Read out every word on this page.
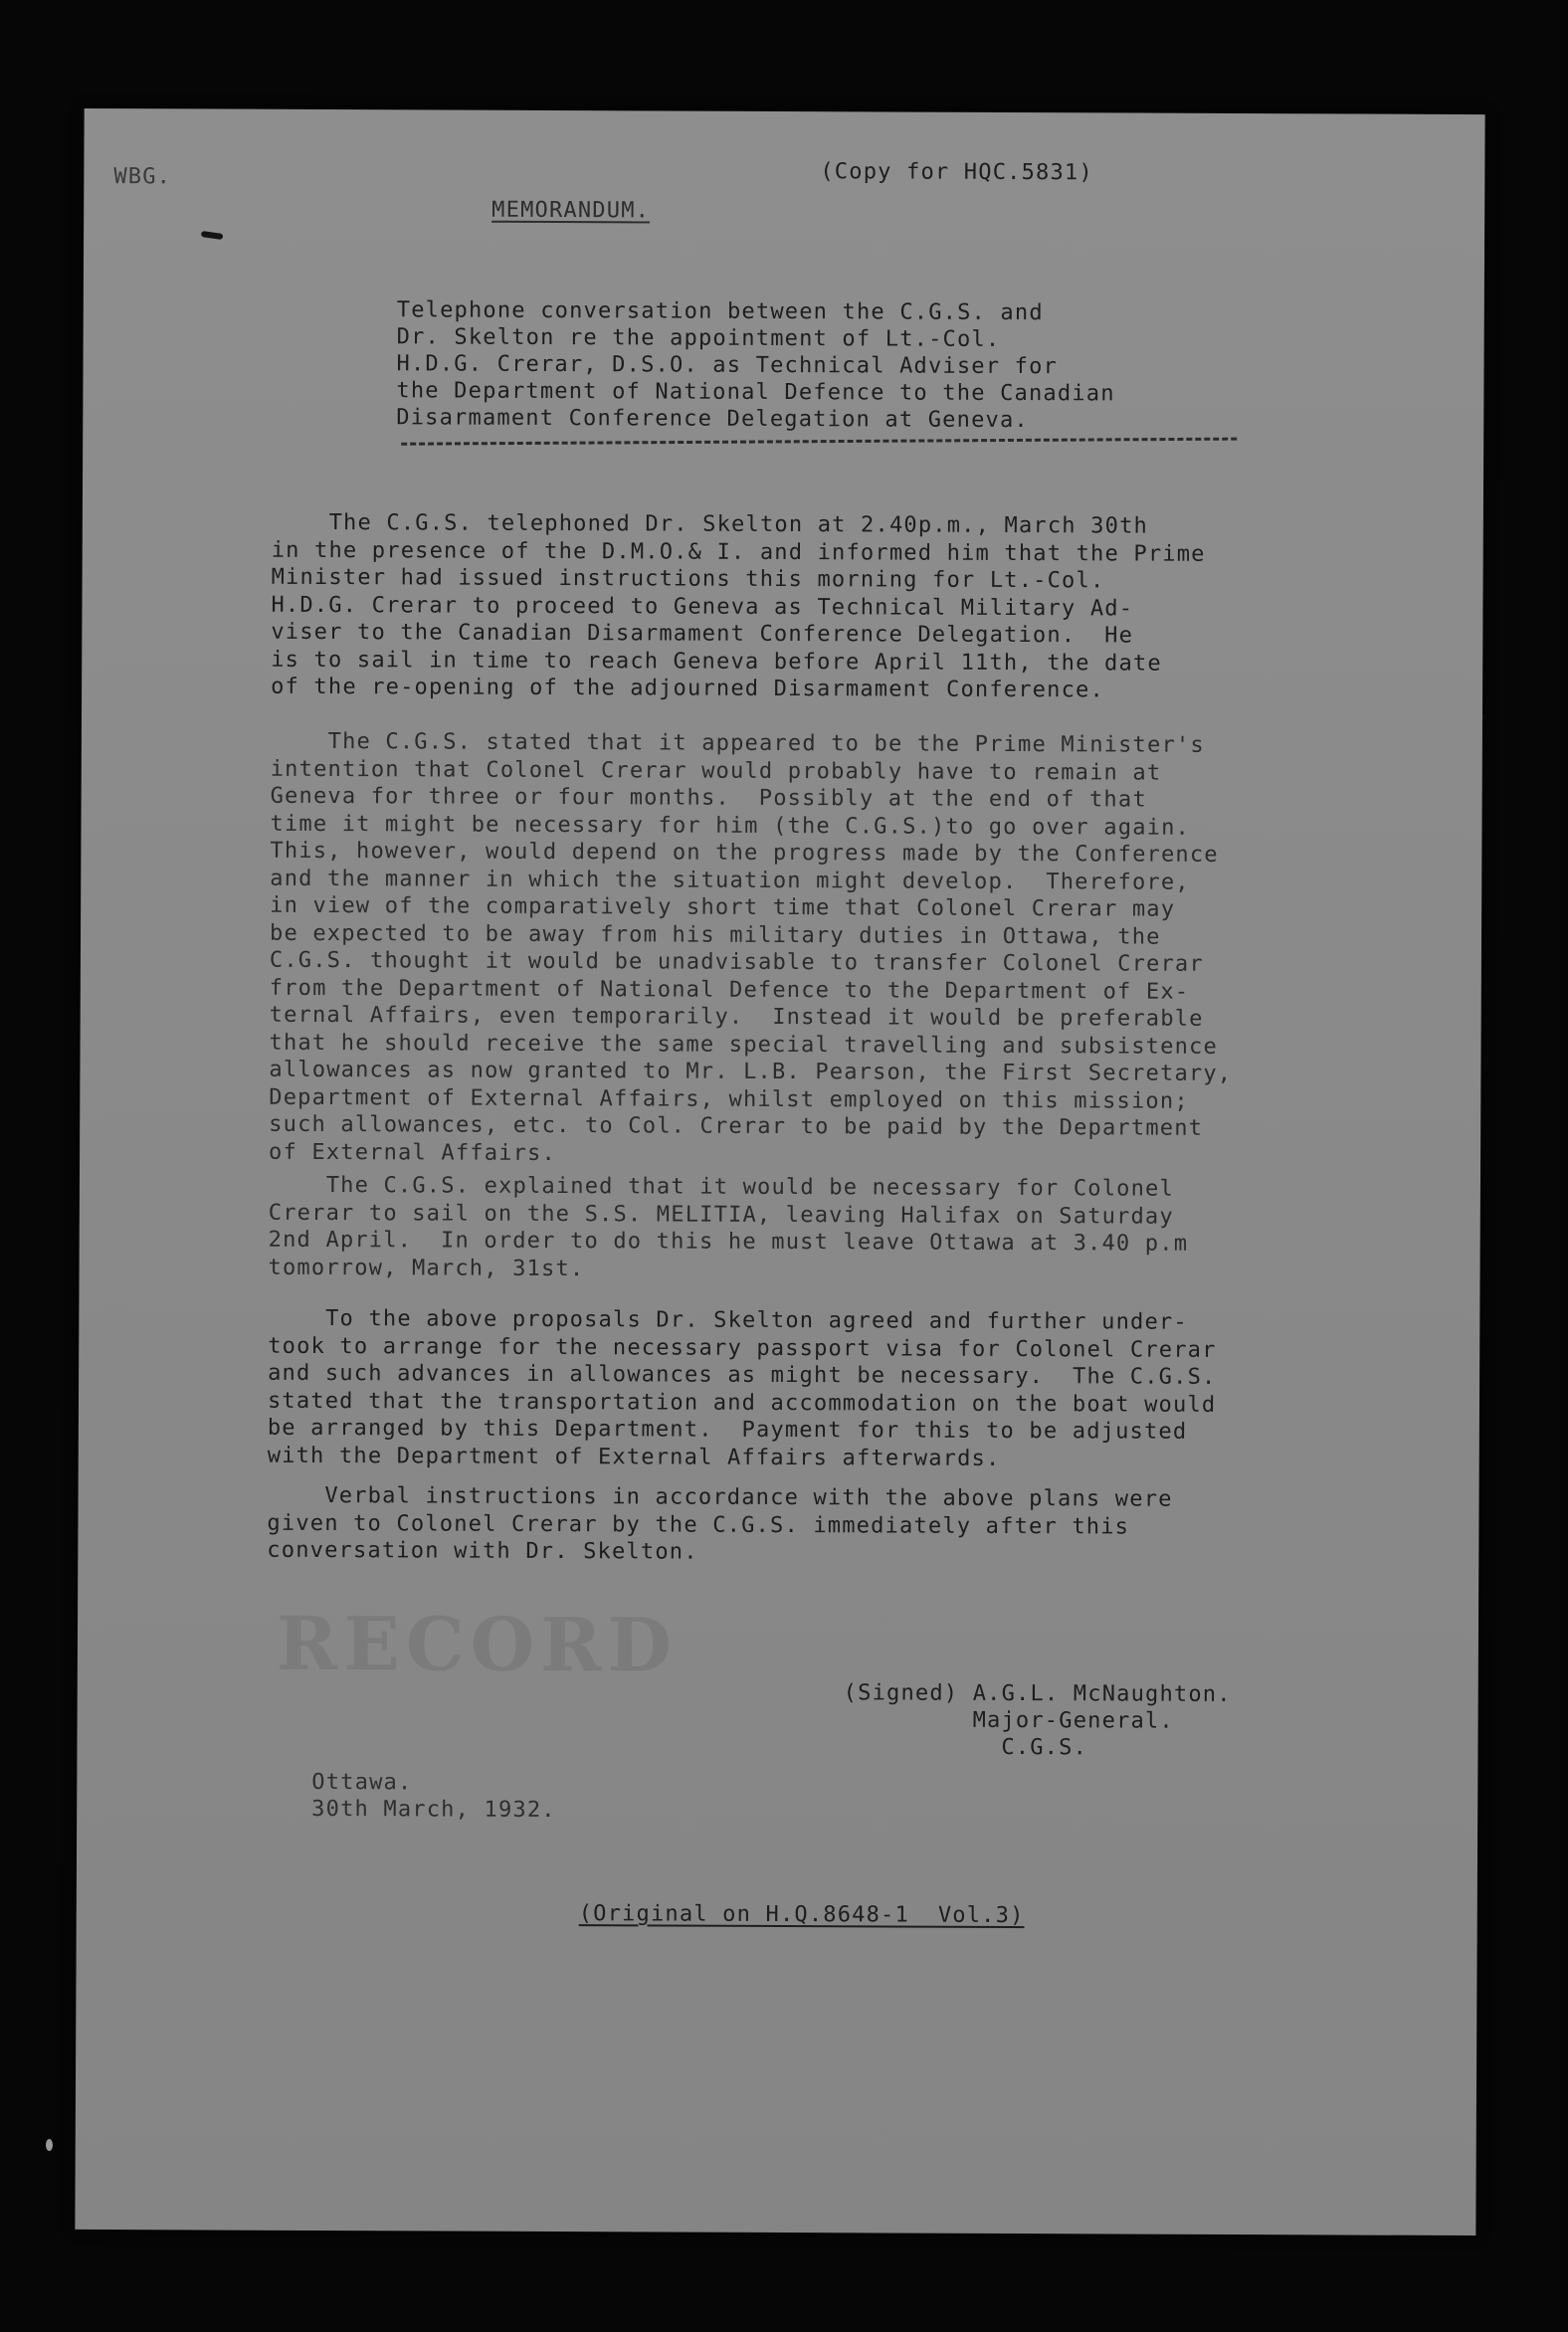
RECORD

WBG.	(Copy for HQC.5831)

MEMORANDUM.

Telephone conversation between the C.G.S. and
Dr. Skelton re the appointment of Lt.-Col.
H.D.G. Crerar, D.S.O. as Technical Adviser for
the Department of National Defence to the Canadian
Disarmament Conference Delegation at Geneva.

The C.G.S. telephoned Dr. Skelton at 2.40p.m., March 30th
in the presence of the D.M.O.& I. and informed him that the Prime
Minister had issued instructions this morning for Lt.-Col.
H.D.G. Crerar to proceed to Geneva as Technical Military Ad-
viser to the Canadian Disarmament Conference Delegation.  He
is to sail in time to reach Geneva before April 11th, the date
of the re-opening of the adjourned Disarmament Conference.

The C.G.S. stated that it appeared to be the Prime Minister's
intention that Colonel Crerar would probably have to remain at
Geneva for three or four months.  Possibly at the end of that
time it might be necessary for him (the C.G.S.)to go over again.
This, however, would depend on the progress made by the Conference
and the manner in which the situation might develop.  Therefore,
in view of the comparatively short time that Colonel Crerar may
be expected to be away from his military duties in Ottawa, the
C.G.S. thought it would be unadvisable to transfer Colonel Crerar
from the Department of National Defence to the Department of Ex-
ternal Affairs, even temporarily.  Instead it would be preferable
that he should receive the same special travelling and subsistence
allowances as now granted to Mr. L.B. Pearson, the First Secretary,
Department of External Affairs, whilst employed on this mission;
such allowances, etc. to Col. Crerar to be paid by the Department
of External Affairs.

The C.G.S. explained that it would be necessary for Colonel
Crerar to sail on the S.S. MELITIA, leaving Halifax on Saturday
2nd April.  In order to do this he must leave Ottawa at 3.40 p.m
tomorrow, March, 31st.

To the above proposals Dr. Skelton agreed and further under-
took to arrange for the necessary passport visa for Colonel Crerar
and such advances in allowances as might be necessary.  The C.G.S.
stated that the transportation and accommodation on the boat would
be arranged by this Department.  Payment for this to be adjusted
with the Department of External Affairs afterwards.

Verbal instructions in accordance with the above plans were
given to Colonel Crerar by the C.G.S. immediately after this
conversation with Dr. Skelton.

(Signed) A.G.L. McNaughton.
Major-General.
C.G.S.

Ottawa.
30th March, 1932.

(Original on H.Q.8648-1  Vol.3)
